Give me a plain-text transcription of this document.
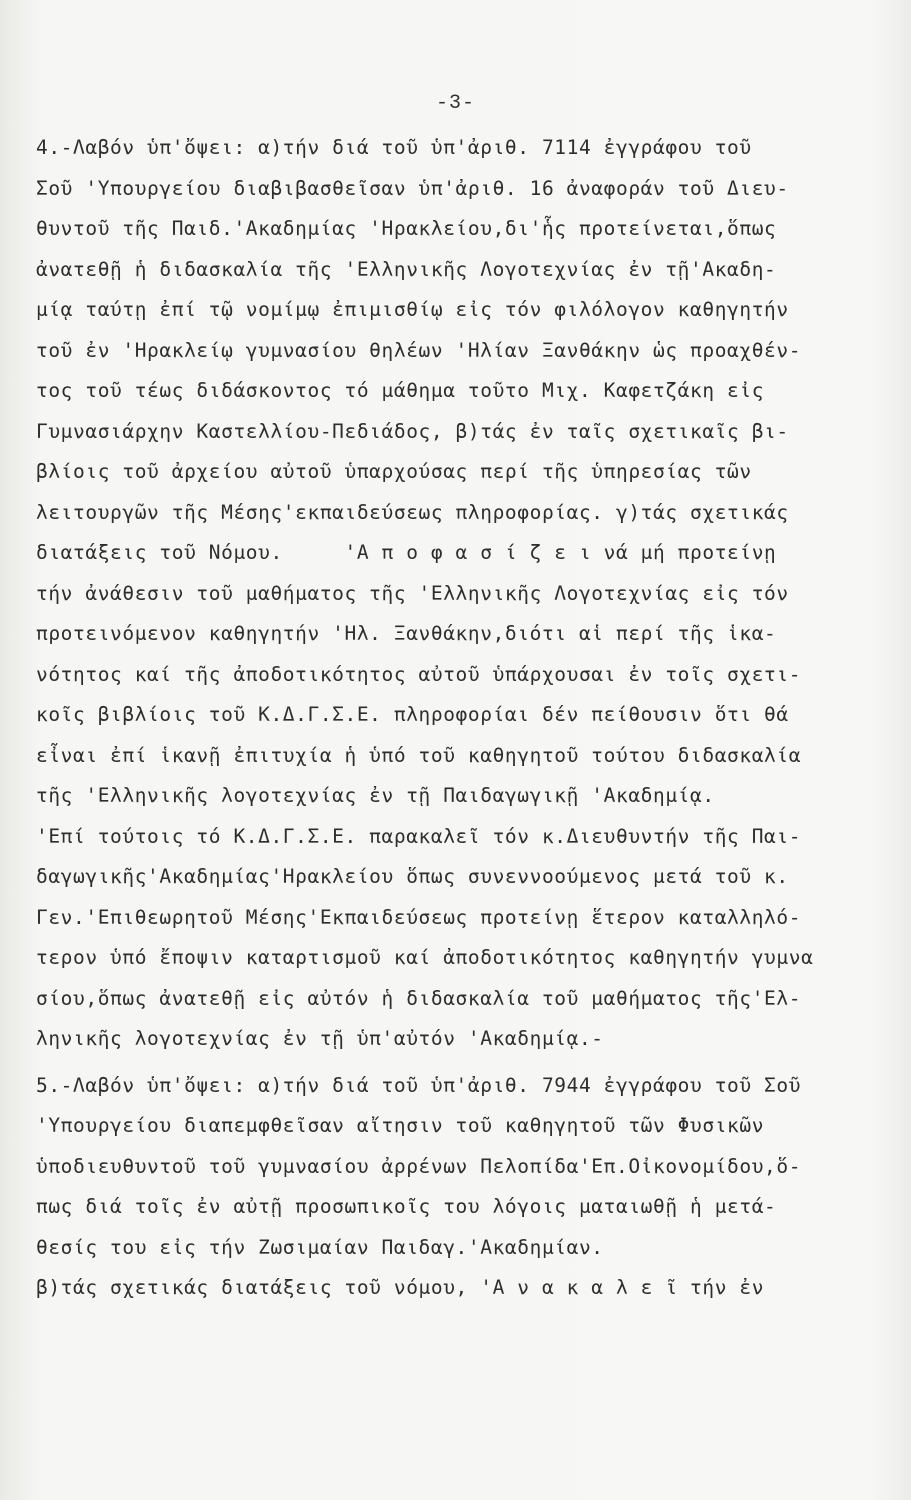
-3-
4.-Λαβόν ὑπ'ὄψει: α)τήν διά τοῦ ὑπ'ἀριθ. 7114 ἐγγράφου τοῦ
Σοῦ 'Υπουργείου διαβιβασθεῖσαν ὑπ'ἀριθ. 16 ἀναφοράν τοῦ Διευ-
θυντοῦ τῆς Παιδ.'Ακαδημίας 'Ηρακλείου,δι'ἧς προτείνεται,ὅπως
ἀνατεθῇ ἡ διδασκαλία τῆς 'Ελληνικῆς Λογοτεχνίας ἐν τῇ'Ακαδη-
μίᾳ ταύτῃ ἐπί τῷ νομίμῳ ἐπιμισθίῳ εἰς τόν φιλόλογον καθηγητήν
τοῦ ἐν 'Ηρακλείῳ γυμνασίου θηλέων 'Ηλίαν Ξανθάκην ὡς προαχθέν-
τος τοῦ τέως διδάσκοντος τό μάθημα τοῦτο Μιχ. Καφετζάκη εἰς
Γυμνασιάρχην Καστελλίου-Πεδιάδος, β)τάς ἐν ταῖς σχετικαῖς βι-
βλίοις τοῦ ἀρχείου αὐτοῦ ὑπαρχούσας περί τῆς ὑπηρεσίας τῶν
λειτουργῶν τῆς Μέσης'εκπαιδεύσεως πληροφορίας. γ)τάς σχετικάς
διατάξεις τοῦ Νόμου.     'Α π ο φ α σ ί ζ ε ι νά μή προτείνῃ
τήν ἀνάθεσιν τοῦ μαθήματος τῆς 'Ελληνικῆς Λογοτεχνίας εἰς τόν
προτεινόμενον καθηγητήν 'Ηλ. Ξανθάκην,διότι αἱ περί τῆς ἱκα-
νότητος καί τῆς ἀποδοτικότητος αὐτοῦ ὑπάρχουσαι ἐν τοῖς σχετι-
κοῖς βιβλίοις τοῦ Κ.Δ.Γ.Σ.Ε. πληροφορίαι δέν πείθουσιν ὅτι θά
εἶναι ἐπί ἱκανῇ ἐπιτυχία ἡ ὑπό τοῦ καθηγητοῦ τούτου διδασκαλία
τῆς 'Ελληνικῆς λογοτεχνίας ἐν τῇ Παιδαγωγικῇ 'Ακαδημίᾳ.
'Επί τούτοις τό Κ.Δ.Γ.Σ.Ε. παρακαλεῖ τόν κ.Διευθυντήν τῆς Παι-
δαγωγικῆς'Ακαδημίας'Ηρακλείου ὅπως συνεννοούμενος μετά τοῦ κ.
Γεν.'Επιθεωρητοῦ Μέσης'Εκπαιδεύσεως προτείνῃ ἕτερον καταλληλό-
τερον ὑπό ἔποψιν καταρτισμοῦ καί ἀποδοτικότητος καθηγητήν γυμνα
σίου,ὅπως ἀνατεθῇ εἰς αὐτόν ἡ διδασκαλία τοῦ μαθήματος τῆς'Ελ-
ληνικῆς λογοτεχνίας ἐν τῇ ὑπ'αὐτόν 'Ακαδημίᾳ.-
5.-Λαβόν ὑπ'ὄψει: α)τήν διά τοῦ ὑπ'ἀριθ. 7944 ἐγγράφου τοῦ Σοῦ
'Υπουργείου διαπεμφθεῖσαν αἴτησιν τοῦ καθηγητοῦ τῶν Φυσικῶν
ὑποδιευθυντοῦ τοῦ γυμνασίου ἀρρένων Πελοπίδα'Επ.Οἰκονομίδου,ὅ-
πως διά τοῖς ἐν αὐτῇ προσωπικοῖς του λόγοις ματαιωθῇ ἡ μετά-
θεσίς του εἰς τήν Ζωσιμαίαν Παιδαγ.'Ακαδημίαν.
β)τάς σχετικάς διατάξεις τοῦ νόμου, 'Α ν α κ α λ ε ῖ τήν ἐν
